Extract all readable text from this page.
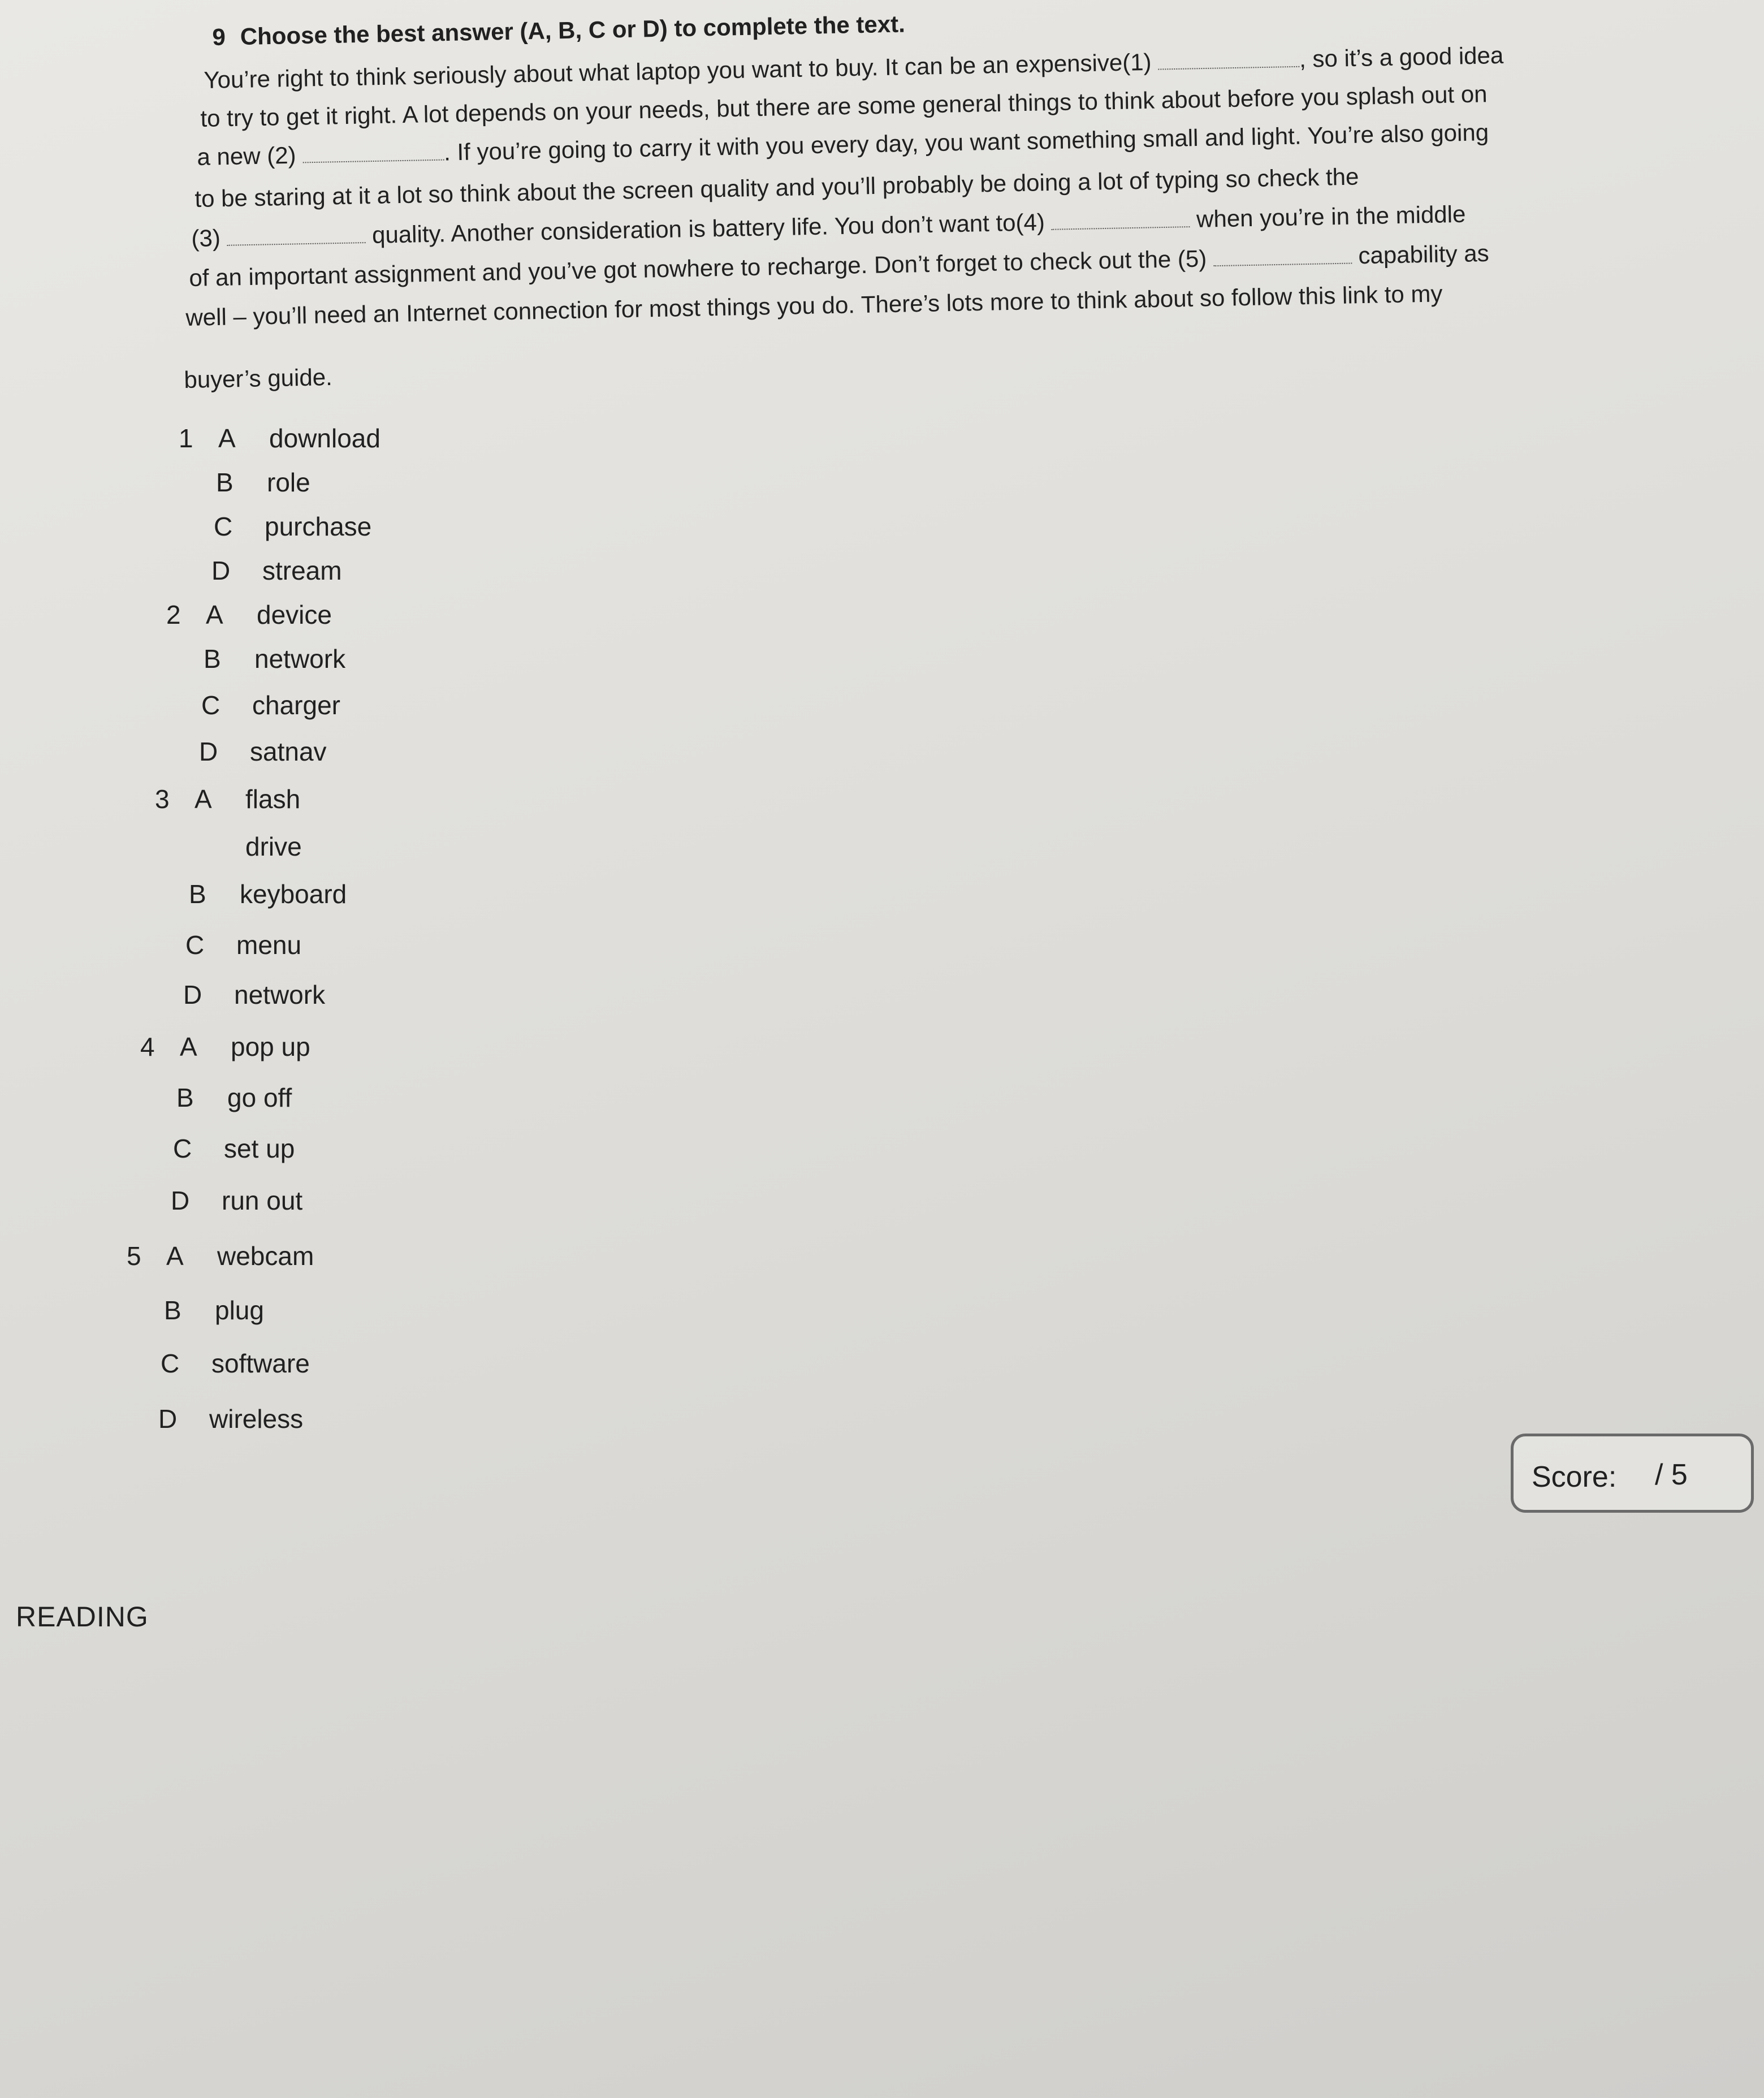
9 Choose the best answer (A, B, C or D) to complete the text.
You’re right to think seriously about what laptop you want to buy. It can be an expensive(1)	, so it’s a good idea
to try to get it right. A lot depends on your needs, but there are some general things to think about before you splash out on
a new (2)	. If you’re going to carry it with you every day, you want something small and light. You’re also going
to be staring at it a lot so think about the screen quality and you’ll probably be doing a lot of typing so check the
(3)	quality. Another consideration is battery life. You don’t want to(4)	when you’re in the middle
of an important assignment and you’ve got nowhere to recharge. Don’t forget to check out the (5)	capability as
well – you’ll need an Internet connection for most things you do. There’s lots more to think about so follow this link to my
buyer’s guide.
1 A	download
B	role
C	purchase
D	stream
2 A	device
B	network
C	charger
D	satnav
3 A	flash
drive
B	keyboard
C	menu
D	network
4 A	pop up
B	go off
C	set up
D	run out
5 A	webcam
B	plug
C	software
D	wireless
Score: / 5
READING
